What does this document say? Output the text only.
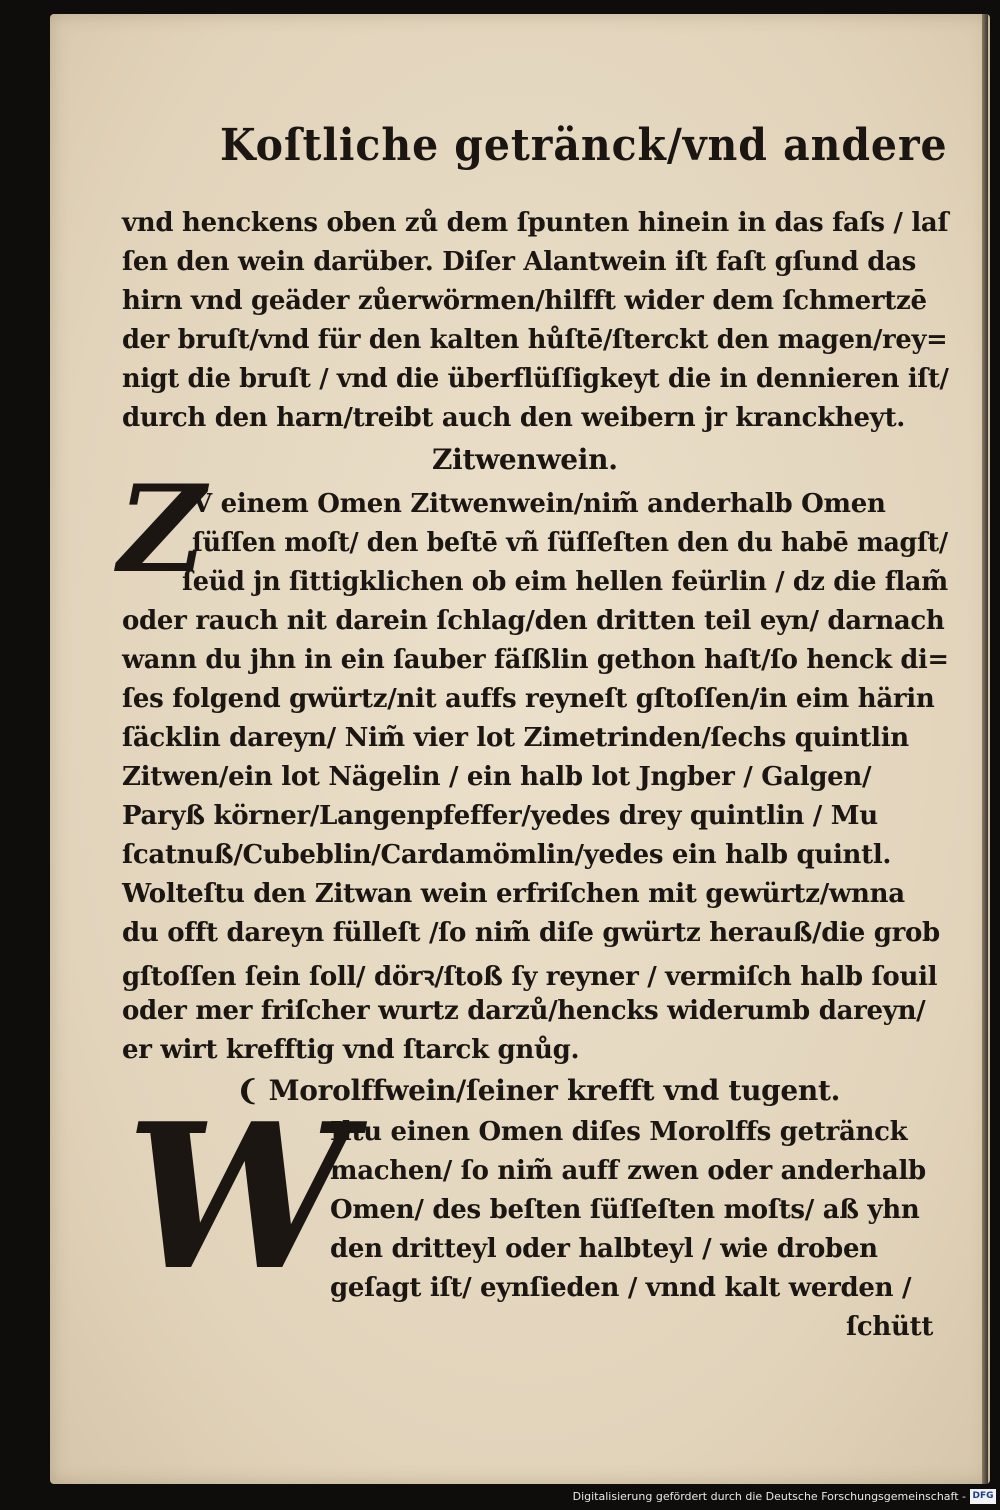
Koſtliche getränck/vnd andere
vnd henckens oben zů dem ſpunten hinein in das faſs / laſ
ſen den wein darüber. Diſer Alantwein iſt faſt gſund das
hirn vnd geäder zůerwörmen/hilfft wider dem ſchmertzē
der bruſt/vnd für den kalten hůſtē/ſterckt den magen/rey=
nigt die bruſt / vnd die überflüſſigkeyt die in dennieren iſt/
durch den harn/treibt auch den weibern jr kranckheyt.
Zitwenwein.
Z
V einem Omen Zitwenwein/nim̃ anderhalb Omen
ſüſſen moſt/ den beſtē vñ ſüſſeſten den du habē magſt/
ſeüd jn ſittigklichen ob eim hellen feürlin / dz die flam̃
oder rauch nit darein ſchlag/den dritten teil eyn/ darnach
wann du jhn in ein ſauber fäſßlin gethon haſt/ſo henck di=
ſes folgend gwürtz/nit auffs reyneſt gſtoſſen/in eim härin
ſäcklin dareyn/ Nim̃ vier lot Zimetrinden/ſechs quintlin
Zitwen/ein lot Nägelin / ein halb lot Jngber / Galgen/
Paryß körner/Langenpfeffer/yedes drey quintlin / Mu
ſcatnuß/Cubeblin/Cardamömlin/yedes ein halb quintl.
Wolteſtu den Zitwan wein erfriſchen mit gewürtz/wnna
du offt dareyn fülleſt /ſo nim̃ diſe gwürtz herauß/die grob
gſtoſſen ſein ſoll/ dörꝛ/ſtoß ſy reyner / vermiſch halb ſouil
oder mer friſcher wurtz darzů/hencks widerumb dareyn/
er wirt krefftig vnd ſtarck gnůg.
❨ Morolffwein/ſeiner krefft vnd tugent.
W
Iltu einen Omen diſes Morolffs getränck
machen/ ſo nim̃ auff zwen oder anderhalb
Omen/ des beſten ſüſſeſten moſts/ aß yhn
den dritteyl oder halbteyl / wie droben
geſagt iſt/ eynſieden / vnnd kalt werden /
ſchütt
Digitalisierung gefördert durch die Deutsche Forschungsgemeinschaft - DFG
